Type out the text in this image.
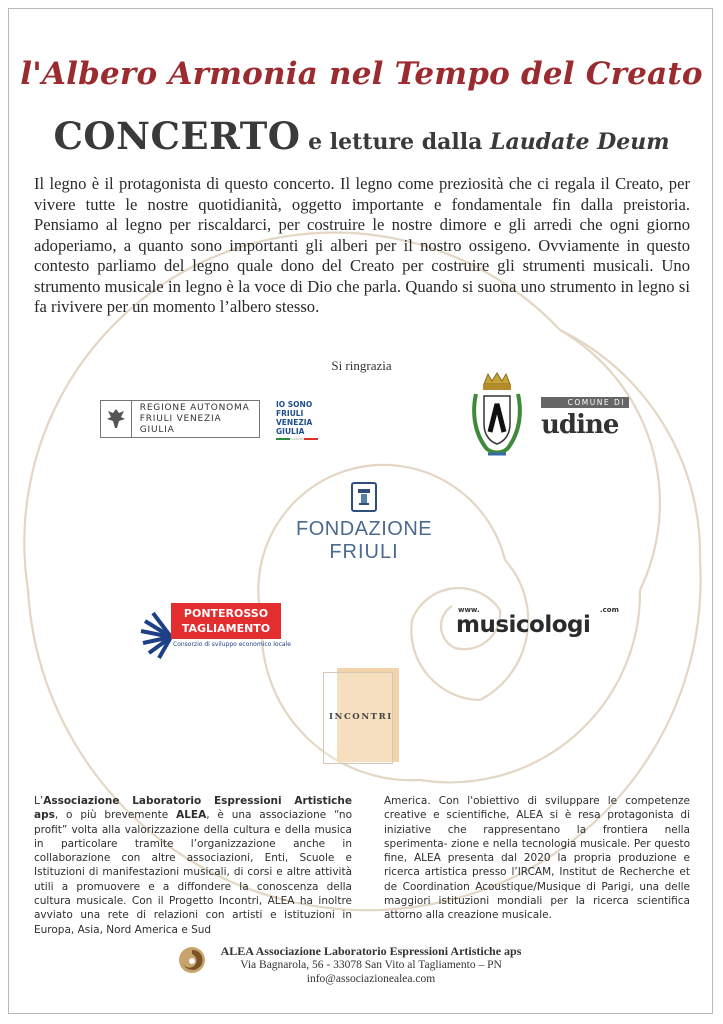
l'Albero Armonia nel Tempo del Creato
CONCERTO e letture dalla Laudate Deum

Il legno è il protagonista di questo concerto. Il legno come preziosità che ci regala il Creato, per vivere tutte le nostre quotidianità, oggetto importante e fondamentale fin dalla preistoria. Pensiamo al legno per riscaldarci, per costruire le nostre dimore e gli arredi che ogni giorno adoperiamo, a quanto sono importanti gli alberi per il nostro ossigeno. Ovviamente in questo contesto parliamo del legno quale dono del Creato per costruire gli strumenti musicali. Uno strumento musicale in legno è la voce di Dio che parla. Quando si suona uno strumento in legno si fa rivivere per un momento l’albero stesso.

Si ringrazia
REGIONE AUTONOMA
FRIULI VENEZIA GIULIA
IO SONO
FRIULI
VENEZIA
GIULIA
COMUNE DI
udine
FONDAZIONE
FRIULI
PONTEROSSO
TAGLIAMENTO
Consorzio di sviluppo economico locale
www.	.com
musicologi
INCONTRI

L’Associazione Laboratorio Espressioni Artistiche aps, o più brevemente ALEA, è una associazione “no profit” volta alla valorizzazione della cultura e della musica in particolare tramite l’organizzazione anche in collaborazione con altre associazioni, Enti, Scuole e Istituzioni di manifestazioni musicali, di corsi e altre attività utili a promuovere e a diffondere la conoscenza della cultura musicale. Con il Progetto Incontri, ALEA ha inoltre avviato una rete di relazioni con artisti e istituzioni in Europa, Asia, Nord America e Sud

America. Con l'obiettivo di sviluppare le competenze creative e scientifiche, ALEA si è resa protagonista di iniziative che rappresentano la frontiera nella sperimenta- zione e nella tecnologia musicale. Per questo fine, ALEA presenta dal 2020 la propria produzione e ricerca artistica presso l’IRCAM, Institut de Recherche et de Coordination Acoustique/Musique di Parigi, una delle maggiori istituzioni mondiali per la ricerca scientifica attorno alla creazione musicale.

ALEA Associazione Laboratorio Espressioni Artistiche aps
Via Bagnarola, 56 - 33078 San Vito al Tagliamento – PN
info@associazionealea.com
